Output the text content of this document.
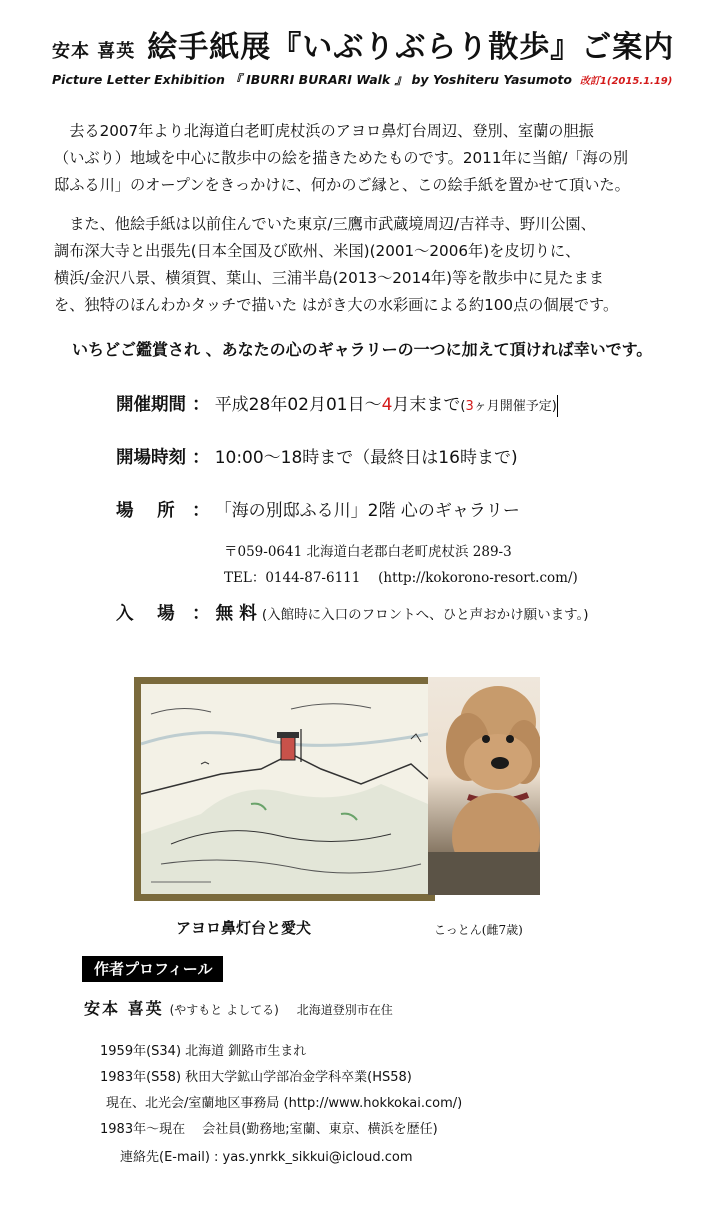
安本 喜英 絵手紙展『いぶりぶらり散歩』ご案内
Picture Letter Exhibition 『 IBURRI BURARI Walk 』 by Yoshiteru Yasumoto 改訂1(2015.1.19)
　去る2007年より北海道白老町虎杖浜のアヨロ鼻灯台周辺、登別、室蘭の胆振
（いぶり）地域を中心に散歩中の絵を描きためたものです。2011年に当館/「海の別
邸ふる川」のオープンをきっかけに、何かのご縁と、この絵手紙を置かせて頂いた。
　また、他絵手紙は以前住んでいた東京/三鷹市武蔵境周辺/吉祥寺、野川公園、
調布深大寺と出張先(日本全国及び欧州、米国)(2001～2006年)を皮切りに、
横浜/金沢八景、横須賀、葉山、三浦半島(2013～2014年)等を散歩中に見たまま
を、独特のほんわかタッチで描いた はがき大の水彩画による約100点の個展です。
いちどご鑑賞され 、あなたの心のギャラリーの一つに加えて頂ければ幸いです。
開催期間 ： 平成28年02月01日～4月末まで(3ヶ月開催予定)
開場時刻 ： 10:00～18時まで（最終日は16時まで)
場　 所　： 「海の別邸ふる川」2階 心のギャラリー
〒059-0641 北海道白老郡白老町虎杖浜 289-3
TEL：0144-87-6111 　(http://kokorono-resort.com/)
入　 場　： 無 料 (入館時に入口のフロントへ、ひと声おかけ願います。)
アヨロ鼻灯台と愛犬	こっとん(雌7歳)
作者プロフィール
安本 喜英 (やすもと よしてる) 北海道登別市在住
1959年(S34) 北海道 釧路市生まれ
1983年(S58) 秋田大学鉱山学部冶金学科卒業(HS58)
現在、北光会/室蘭地区事務局 (http://www.hokkokai.com/)
1983年～現在 　会社員(勤務地;室蘭、東京、横浜を歴任)
連絡先(E-mail) : yas.ynrkk_sikkui@icloud.com
